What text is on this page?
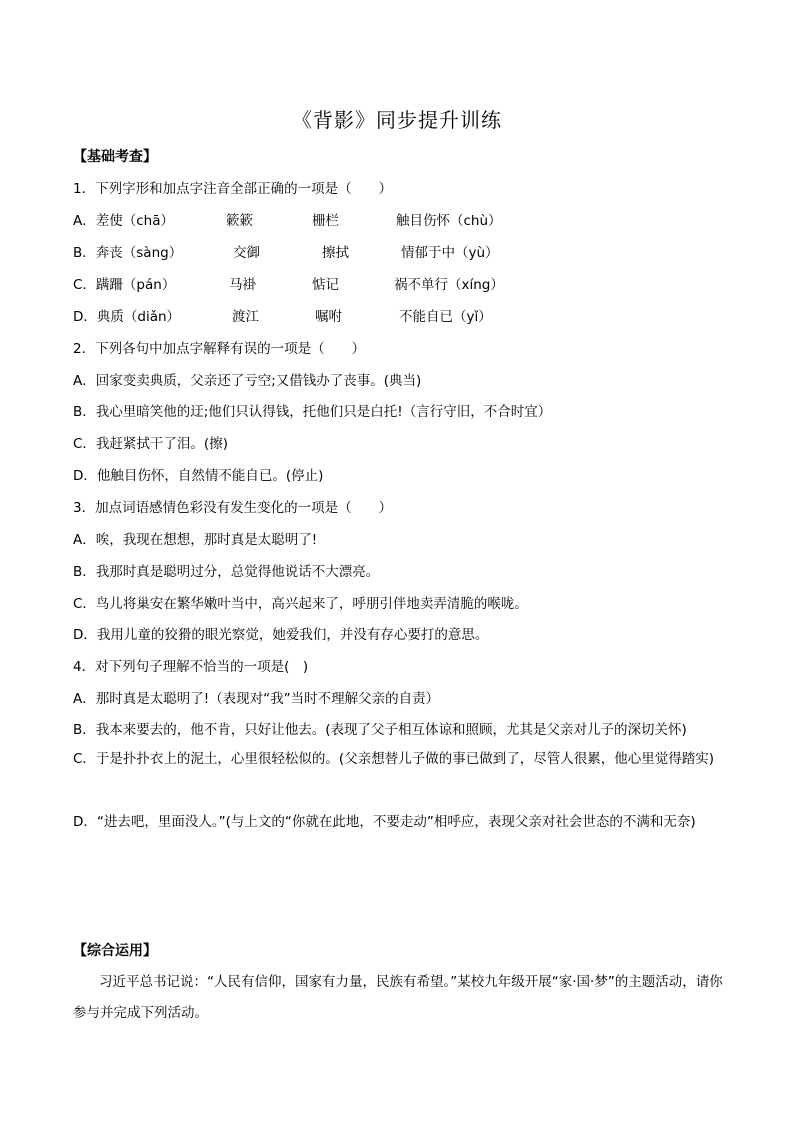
《背影》同步提升训练
【基础考查】
1．下列字形和加点字注音全部正确的一项是（　　）
A．差使（chā）	簌簌	栅栏	触目伤怀（chù）
B．奔丧（sàng）	交御	擦拭	情郁于中（yù）
C．蹒跚（pán）	马褂	惦记	祸不单行（xíng）
D．典质（diǎn）	渡江	嘱咐	不能自已（yǐ）
2．下列各句中加点字解释有误的一项是（　　）
A．回家变卖典质，父亲还了亏空;又借钱办了丧事。(典当)
B．我心里暗笑他的迂;他们只认得钱，托他们只是白托!（言行守旧，不合时宜）
C．我赶紧拭干了泪。(擦)
D．他触目伤怀，自然情不能自已。(停止)
3．加点词语感情色彩没有发生变化的一项是（　　）
A．唉，我现在想想，那时真是太聪明了!
B．我那时真是聪明过分，总觉得他说话不大漂亮。
C．鸟儿将巢安在繁华嫩叶当中，高兴起来了，呼朋引伴地卖弄清脆的喉咙。
D．我用儿童的狡猾的眼光察觉，她爱我们，并没有存心要打的意思。
4．对下列句子理解不恰当的一项是(　)
A．那时真是太聪明了!（表现对“我”当时不理解父亲的自责）
B．我本来要去的，他不肯，只好让他去。(表现了父子相互体谅和照顾，尤其是父亲对儿子的深切关怀)
C．于是扑扑衣上的泥土，心里很轻松似的。(父亲想替儿子做的事已做到了，尽管人很累，他心里觉得踏实)
D．“进去吧，里面没人。”(与上文的“你就在此地，不要走动”相呼应，表现父亲对社会世态的不满和无奈)
【综合运用】
习近平总书记说：“人民有信仰，国家有力量，民族有希望。”某校九年级开展“家·国·梦”的主题活动，请你参与并完成下列活动。
